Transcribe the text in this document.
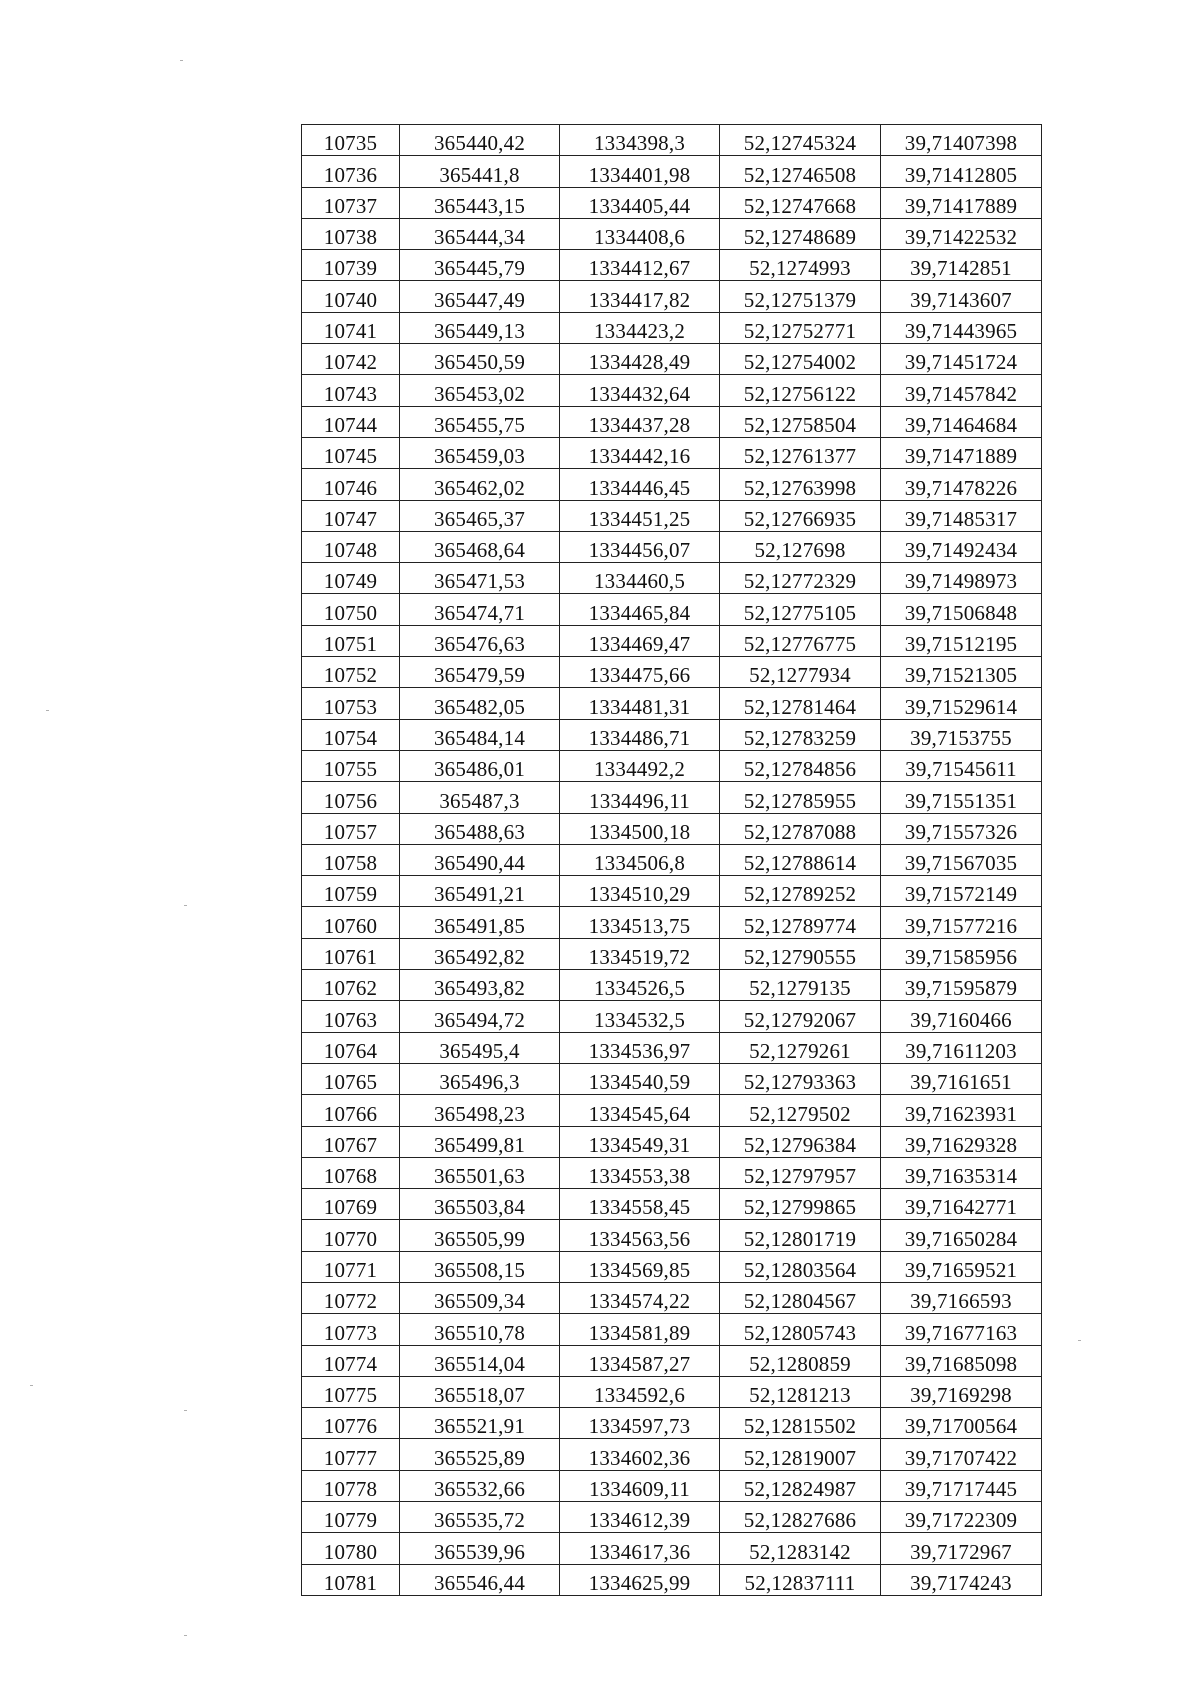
10735	365440,42	1334398,3	52,12745324	39,71407398
10736	365441,8	1334401,98	52,12746508	39,71412805
10737	365443,15	1334405,44	52,12747668	39,71417889
10738	365444,34	1334408,6	52,12748689	39,71422532
10739	365445,79	1334412,67	52,1274993	39,7142851
10740	365447,49	1334417,82	52,12751379	39,7143607
10741	365449,13	1334423,2	52,12752771	39,71443965
10742	365450,59	1334428,49	52,12754002	39,71451724
10743	365453,02	1334432,64	52,12756122	39,71457842
10744	365455,75	1334437,28	52,12758504	39,71464684
10745	365459,03	1334442,16	52,12761377	39,71471889
10746	365462,02	1334446,45	52,12763998	39,71478226
10747	365465,37	1334451,25	52,12766935	39,71485317
10748	365468,64	1334456,07	52,127698	39,71492434
10749	365471,53	1334460,5	52,12772329	39,71498973
10750	365474,71	1334465,84	52,12775105	39,71506848
10751	365476,63	1334469,47	52,12776775	39,71512195
10752	365479,59	1334475,66	52,1277934	39,71521305
10753	365482,05	1334481,31	52,12781464	39,71529614
10754	365484,14	1334486,71	52,12783259	39,7153755
10755	365486,01	1334492,2	52,12784856	39,71545611
10756	365487,3	1334496,11	52,12785955	39,71551351
10757	365488,63	1334500,18	52,12787088	39,71557326
10758	365490,44	1334506,8	52,12788614	39,71567035
10759	365491,21	1334510,29	52,12789252	39,71572149
10760	365491,85	1334513,75	52,12789774	39,71577216
10761	365492,82	1334519,72	52,12790555	39,71585956
10762	365493,82	1334526,5	52,1279135	39,71595879
10763	365494,72	1334532,5	52,12792067	39,7160466
10764	365495,4	1334536,97	52,1279261	39,71611203
10765	365496,3	1334540,59	52,12793363	39,7161651
10766	365498,23	1334545,64	52,1279502	39,71623931
10767	365499,81	1334549,31	52,12796384	39,71629328
10768	365501,63	1334553,38	52,12797957	39,71635314
10769	365503,84	1334558,45	52,12799865	39,71642771
10770	365505,99	1334563,56	52,12801719	39,71650284
10771	365508,15	1334569,85	52,12803564	39,71659521
10772	365509,34	1334574,22	52,12804567	39,7166593
10773	365510,78	1334581,89	52,12805743	39,71677163
10774	365514,04	1334587,27	52,1280859	39,71685098
10775	365518,07	1334592,6	52,1281213	39,7169298
10776	365521,91	1334597,73	52,12815502	39,71700564
10777	365525,89	1334602,36	52,12819007	39,71707422
10778	365532,66	1334609,11	52,12824987	39,71717445
10779	365535,72	1334612,39	52,12827686	39,71722309
10780	365539,96	1334617,36	52,1283142	39,7172967
10781	365546,44	1334625,99	52,12837111	39,7174243
